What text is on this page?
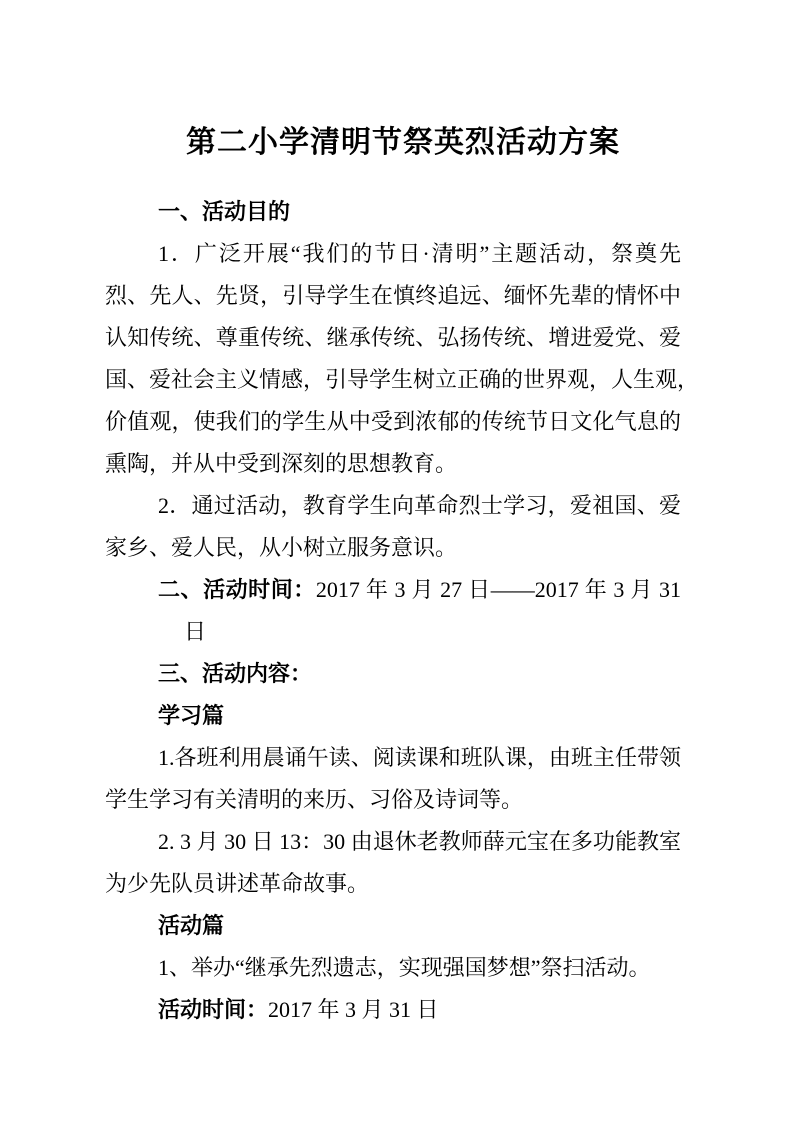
第二小学清明节祭英烈活动方案
一、活动目的
1．广泛开展“我们的节日·清明”主题活动，祭奠先
烈、先人、先贤，引导学生在慎终追远、缅怀先辈的情怀中
认知传统、尊重传统、继承传统、弘扬传统、增进爱党、爱
国、爱社会主义情感，引导学生树立正确的世界观，人生观，
价值观，使我们的学生从中受到浓郁的传统节日文化气息的
熏陶，并从中受到深刻的思想教育。
2．通过活动，教育学生向革命烈士学习，爱祖国、爱
家乡、爱人民，从小树立服务意识。
二、活动时间：2017 年 3 月 27 日——2017 年 3 月 31
日
三、活动内容：
学习篇
1.各班利用晨诵午读、阅读课和班队课，由班主任带领
学生学习有关清明的来历、习俗及诗词等。
2. 3 月 30 日 13：30 由退休老教师薛元宝在多功能教室
为少先队员讲述革命故事。
活动篇
1、举办“继承先烈遗志，实现强国梦想”祭扫活动。
活动时间：2017 年 3 月 31 日
